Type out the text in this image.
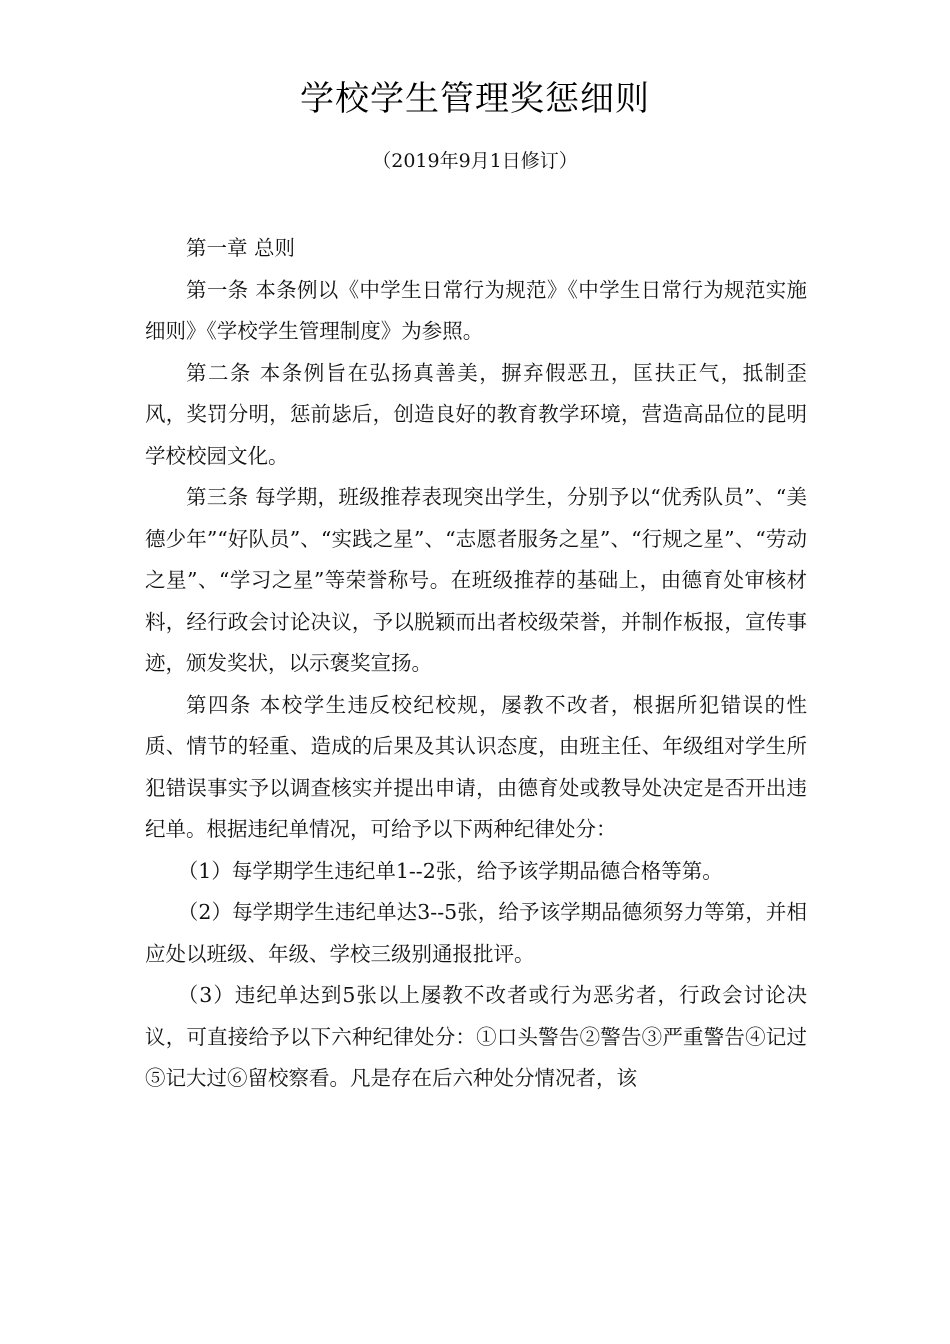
学校学生管理奖惩细则
（2019年9月1日修订）

第一章 总则

第一条 本条例以《中学生日常行为规范》《中学生日常行为规范实施细则》《学校学生管理制度》为参照。

第二条 本条例旨在弘扬真善美，摒弃假恶丑，匡扶正气，抵制歪风，奖罚分明，惩前毖后，创造良好的教育教学环境，营造高品位的昆明学校校园文化。

第三条 每学期，班级推荐表现突出学生，分别予以“优秀队员”、“美德少年”“好队员”、“实践之星”、“志愿者服务之星”、“行规之星”、“劳动之星”、“学习之星”等荣誉称号。在班级推荐的基础上，由德育处审核材料，经行政会讨论决议，予以脱颖而出者校级荣誉，并制作板报，宣传事迹，颁发奖状，以示褒奖宣扬。

第四条 本校学生违反校纪校规，屡教不改者，根据所犯错误的性质、情节的轻重、造成的后果及其认识态度，由班主任、年级组对学生所犯错误事实予以调查核实并提出申请，由德育处或教导处决定是否开出违纪单。根据违纪单情况，可给予以下两种纪律处分：

（1）每学期学生违纪单1--2张，给予该学期品德合格等第。

（2）每学期学生违纪单达3--5张，给予该学期品德须努力等第，并相应处以班级、年级、学校三级别通报批评。

（3）违纪单达到5张以上屡教不改者或行为恶劣者，行政会讨论决议，可直接给予以下六种纪律处分：①口头警告②警告③严重警告④记过⑤记大过⑥留校察看。凡是存在后六种处分情况者，该
